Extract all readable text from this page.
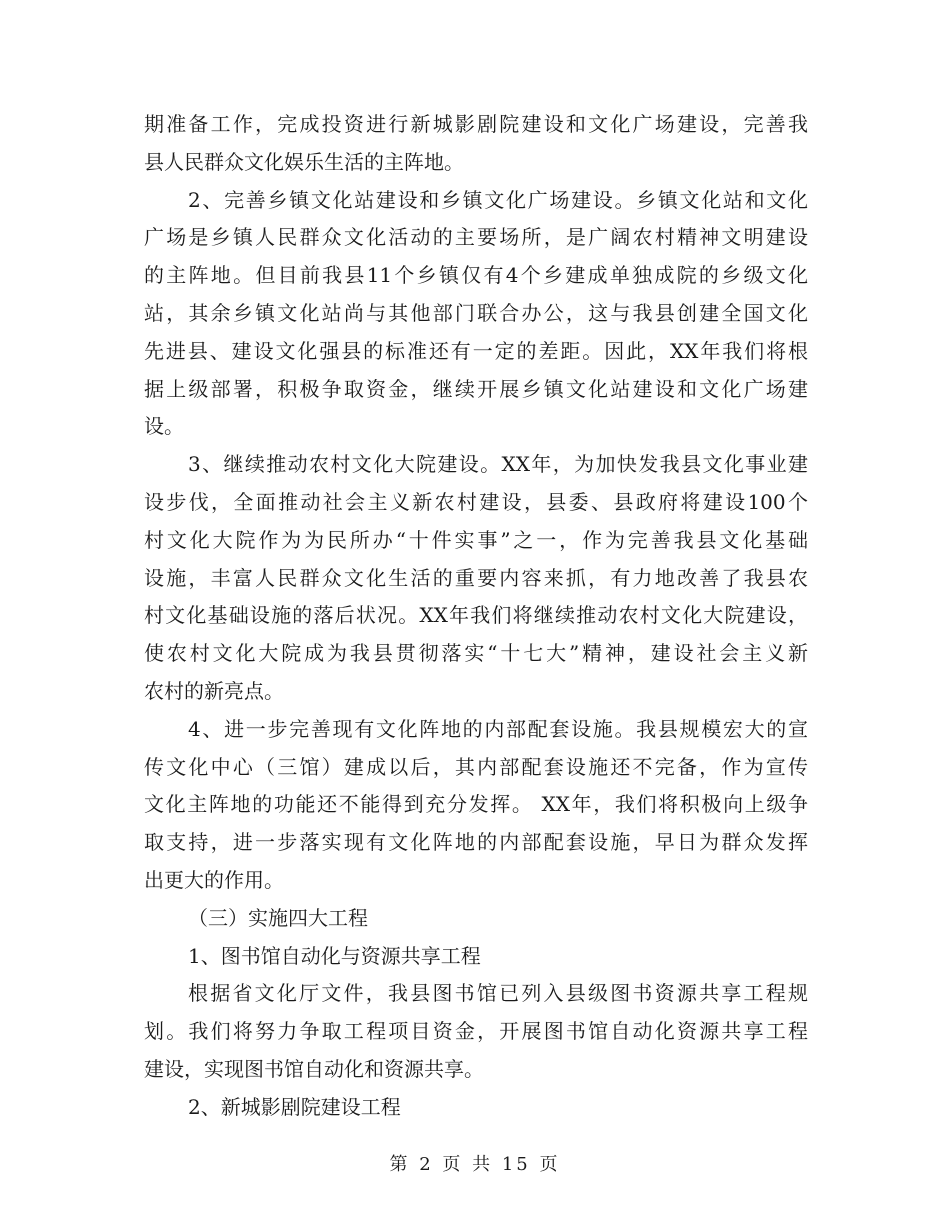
期准备工作，完成投资进行新城影剧院建设和文化广场建设，完善我
县人民群众文化娱乐生活的主阵地。
2、完善乡镇文化站建设和乡镇文化广场建设。乡镇文化站和文化
广场是乡镇人民群众文化活动的主要场所，是广阔农村精神文明建设
的主阵地。但目前我县11个乡镇仅有4个乡建成单独成院的乡级文化
站，其余乡镇文化站尚与其他部门联合办公，这与我县创建全国文化
先进县、建设文化强县的标准还有一定的差距。因此，XX年我们将根
据上级部署，积极争取资金，继续开展乡镇文化站建设和文化广场建
设。
3、继续推动农村文化大院建设。XX年，为加快发我县文化事业建
设步伐，全面推动社会主义新农村建设，县委、县政府将建设100个
村文化大院作为为民所办“十件实事”之一，作为完善我县文化基础
设施，丰富人民群众文化生活的重要内容来抓，有力地改善了我县农
村文化基础设施的落后状况。XX年我们将继续推动农村文化大院建设，
使农村文化大院成为我县贯彻落实“十七大”精神，建设社会主义新
农村的新亮点。
4、进一步完善现有文化阵地的内部配套设施。我县规模宏大的宣
传文化中心（三馆）建成以后，其内部配套设施还不完备，作为宣传
文化主阵地的功能还不能得到充分发挥。 XX年，我们将积极向上级争
取支持，进一步落实现有文化阵地的内部配套设施，早日为群众发挥
出更大的作用。
（三）实施四大工程
1、图书馆自动化与资源共享工程
根据省文化厅文件，我县图书馆已列入县级图书资源共享工程规
划。我们将努力争取工程项目资金，开展图书馆自动化资源共享工程
建设，实现图书馆自动化和资源共享。
2、新城影剧院建设工程
第 2 页 共 15 页
